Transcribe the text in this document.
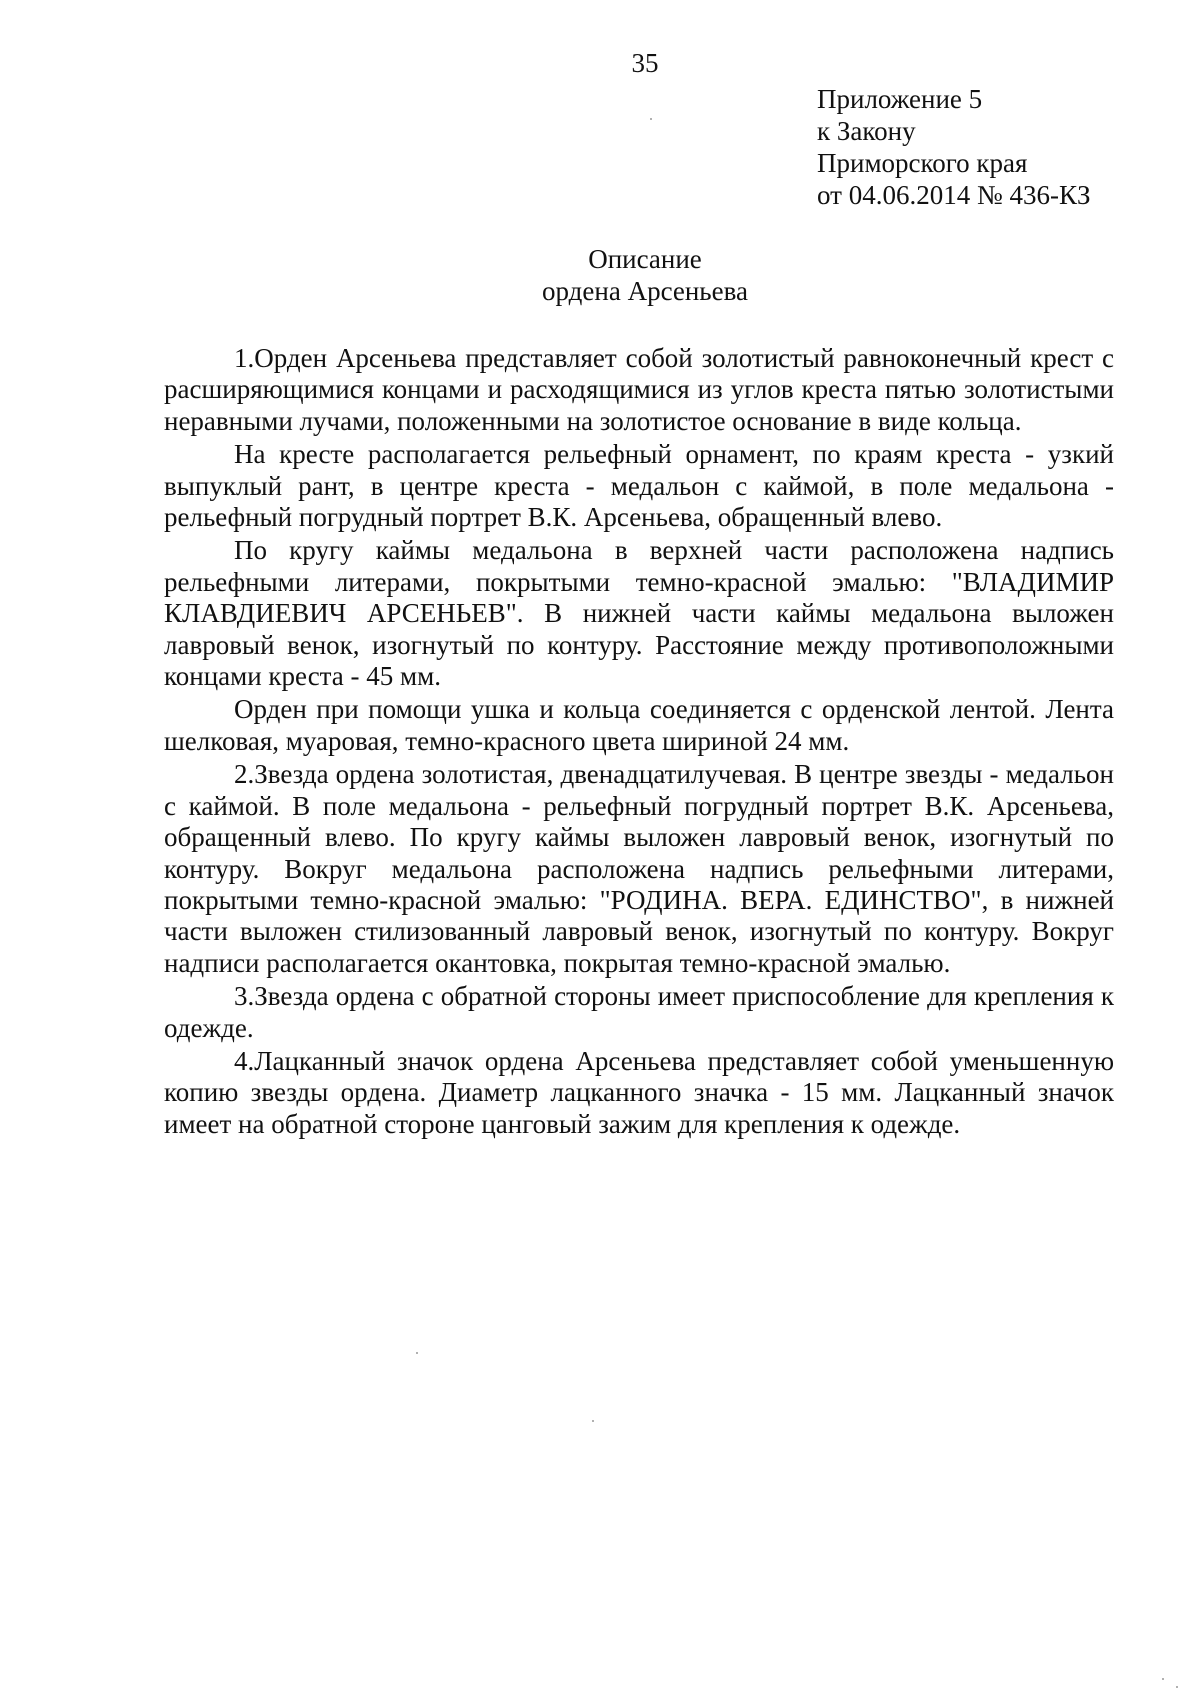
35
Приложение 5
к Закону
Приморского края
от 04.06.2014 № 436-КЗ
Описание
ордена Арсеньева

1.Орден Арсеньева представляет собой золотистый равноконечный крест с расширяющимися концами и расходящимися из углов креста пятью золотистыми неравными лучами, положенными на золотистое основание в виде кольца.

На кресте располагается рельефный орнамент, по краям креста - узкий выпуклый рант, в центре креста - медальон с каймой, в поле медальона - рельефный погрудный портрет В.К. Арсеньева, обращенный влево.

По кругу каймы медальона в верхней части расположена надпись рельефными литерами, покрытыми темно-красной эмалью: "ВЛАДИМИР КЛАВДИЕВИЧ АРСЕНЬЕВ". В нижней части каймы медальона выложен лавровый венок, изогнутый по контуру. Расстояние между противоположными концами креста - 45 мм.

Орден при помощи ушка и кольца соединяется с орденской лентой. Лента шелковая, муаровая, темно-красного цвета шириной 24 мм.

2.Звезда ордена золотистая, двенадцатилучевая. В центре звезды - медальон с каймой. В поле медальона - рельефный погрудный портрет В.К. Арсеньева, обращенный влево. По кругу каймы выложен лавровый венок, изогнутый по контуру. Вокруг медальона расположена надпись рельефными литерами, покрытыми темно-красной эмалью: "РОДИНА. ВЕРА. ЕДИНСТВО", в нижней части выложен стилизованный лавровый венок, изогнутый по контуру. Вокруг надписи располагается окантовка, покрытая темно-красной эмалью.

3.Звезда ордена с обратной стороны имеет приспособление для крепления к одежде.

4.Лацканный значок ордена Арсеньева представляет собой уменьшенную копию звезды ордена. Диаметр лацканного значка - 15 мм. Лацканный значок имеет на обратной стороне цанговый зажим для крепления к одежде.
